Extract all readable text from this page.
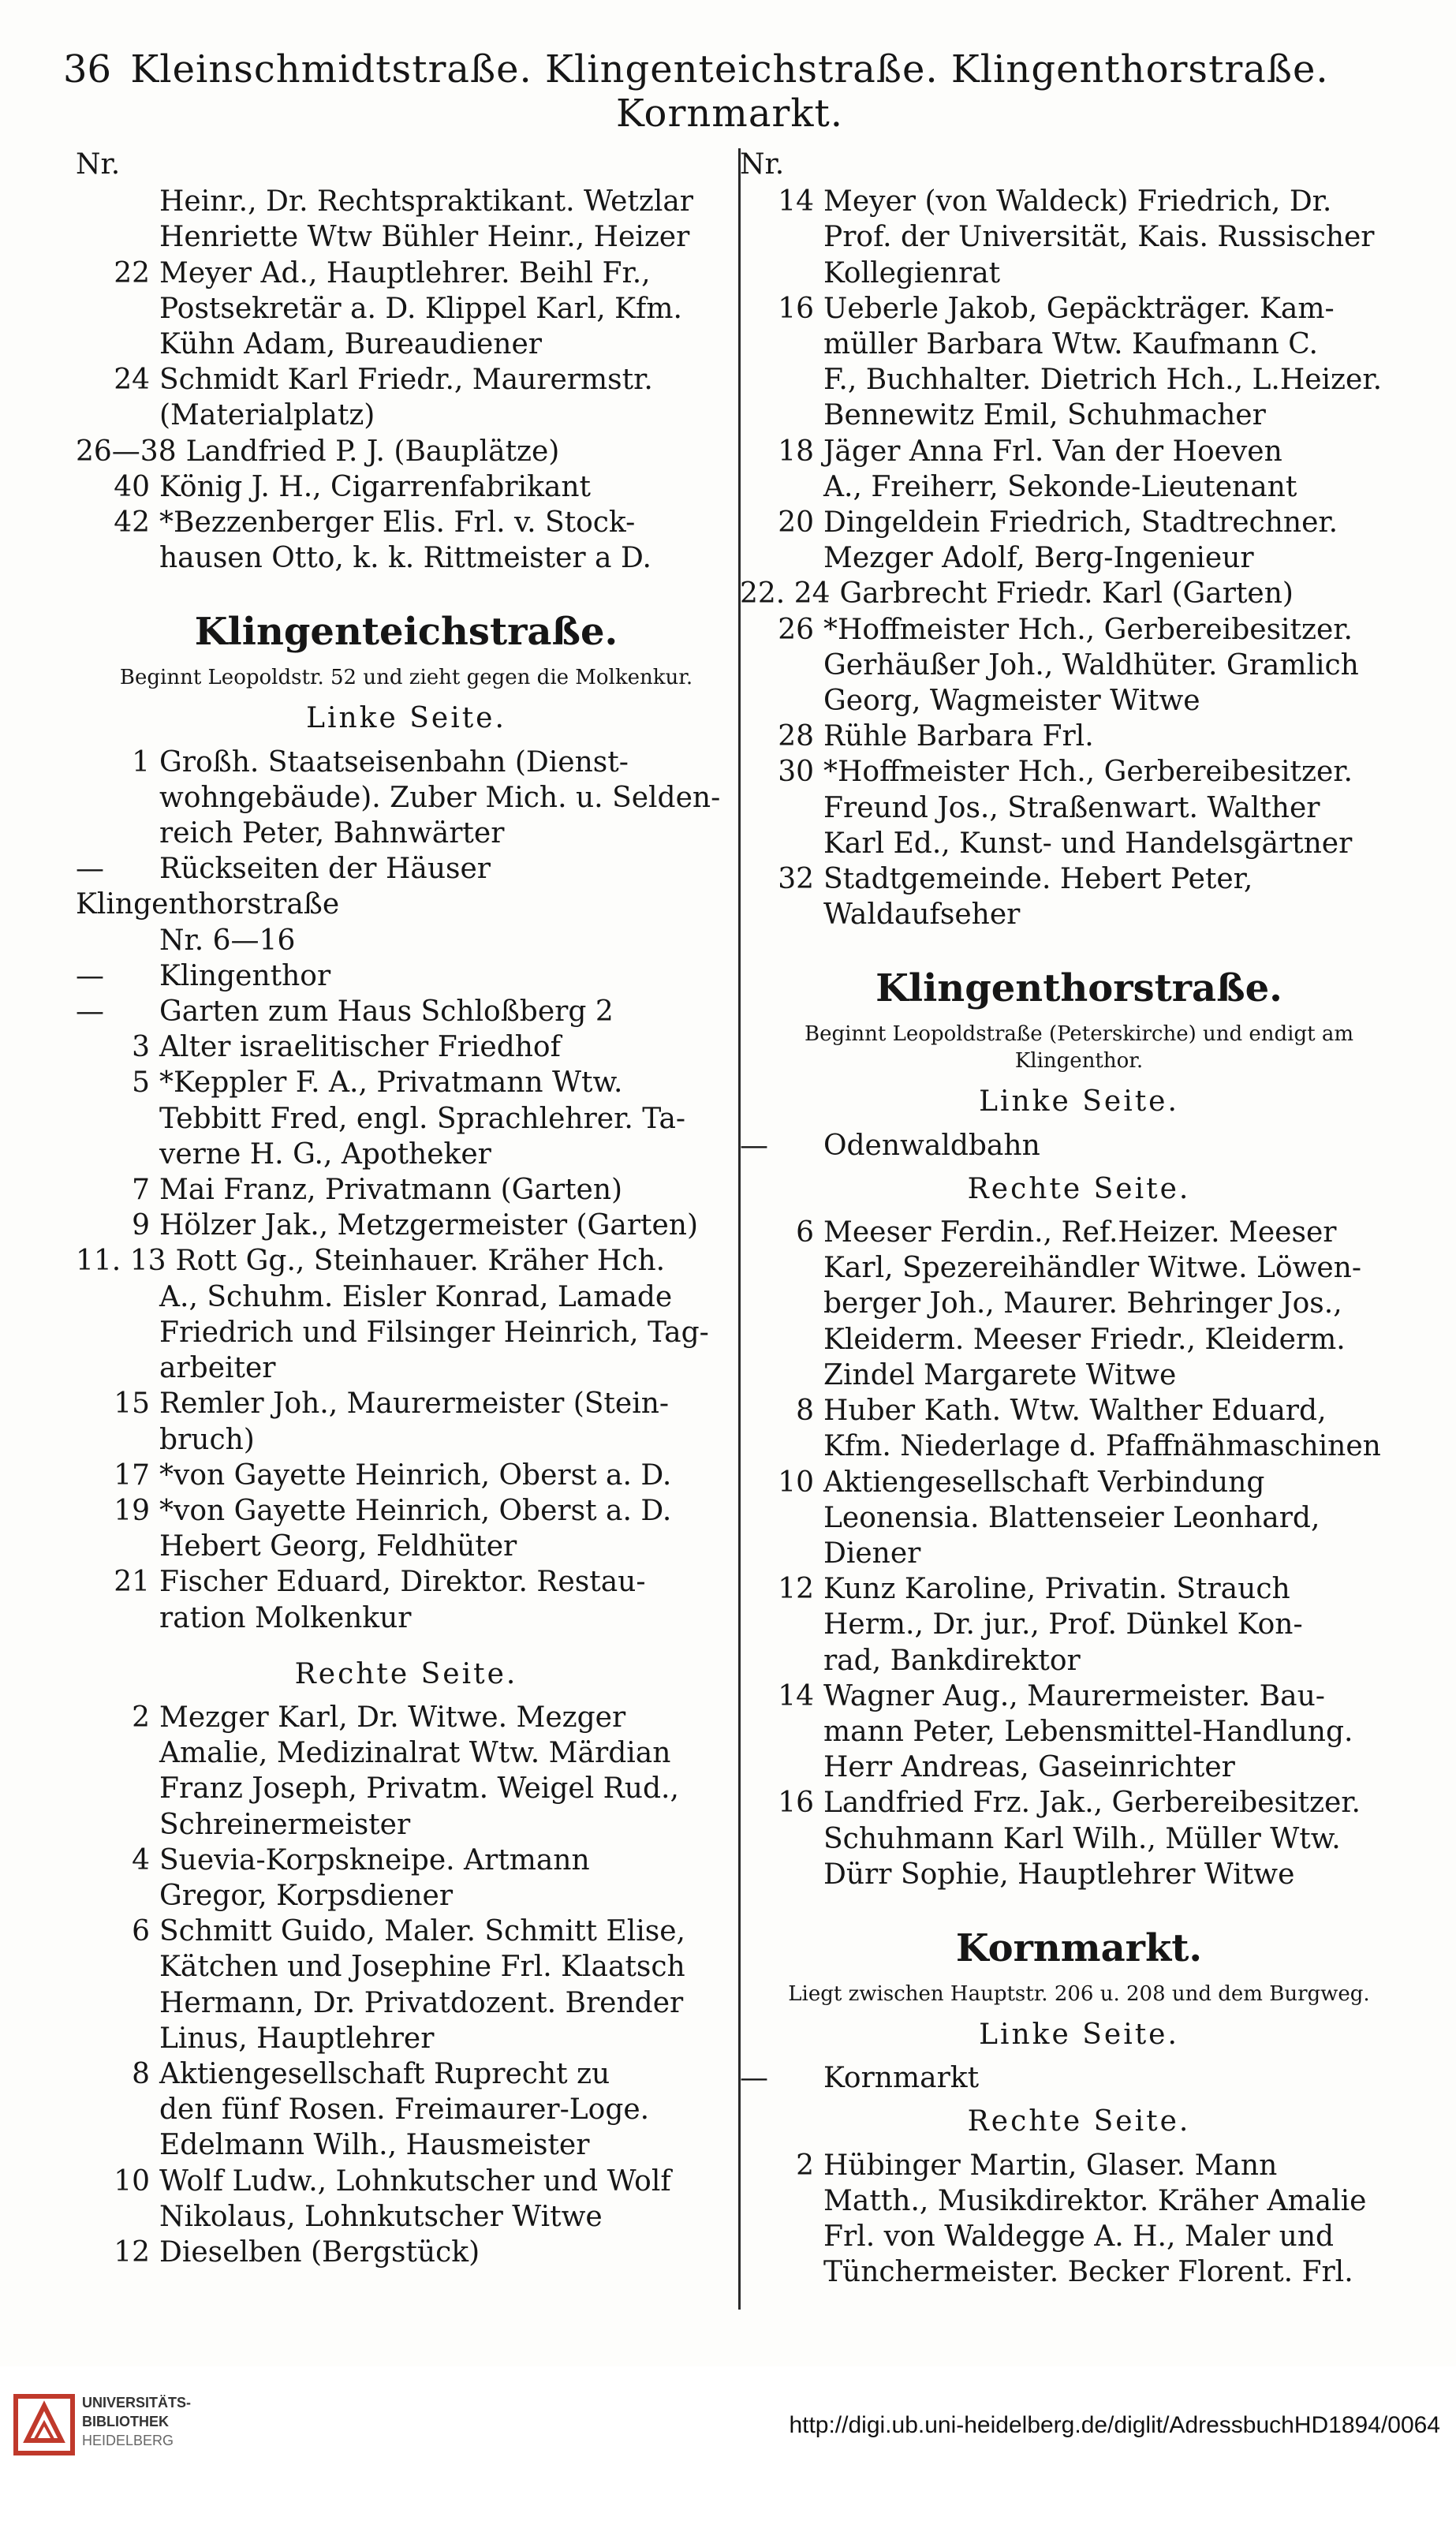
36 Kleinschmidtstraße. Klingenteichstraße. Klingenthorstraße. Kornmarkt.
Nr.
Heinr., Dr. Rechtspraktikant. Wetzlar
Henriette Wtw Bühler Heinr., Heizer
22 Meyer Ad., Hauptlehrer. Beihl Fr.,
Postsekretär a. D. Klippel Karl, Kfm.
Kühn Adam, Bureaudiener
24 Schmidt Karl Friedr., Maurermstr.
(Materialplatz)
26—38 Landfried P. J. (Bauplätze)
40 König J. H., Cigarrenfabrikant
42 *Bezzenberger Elis. Frl. v. Stock-
hausen Otto, k. k. Rittmeister a D.
Klingenteichstraße.
Beginnt Leopoldstr. 52 und zieht gegen die Molkenkur.
Linke Seite.
1 Großh. Staatseisenbahn (Dienst-
wohngebäude). Zuber Mich. u. Selden-
reich Peter, Bahnwärter
— Rückseiten der Häuser Klingenthorstraße
Nr. 6—16
— Klingenthor
— Garten zum Haus Schloßberg 2
3 Alter israelitischer Friedhof
5 *Keppler F. A., Privatmann Wtw.
Tebbitt Fred, engl. Sprachlehrer. Ta-
verne H. G., Apotheker
7 Mai Franz, Privatmann (Garten)
9 Hölzer Jak., Metzgermeister (Garten)
11. 13 Rott Gg., Steinhauer. Kräher Hch.
A., Schuhm. Eisler Konrad, Lamade
Friedrich und Filsinger Heinrich, Tag-
arbeiter
15 Remler Joh., Maurermeister (Stein-
bruch)
17 *von Gayette Heinrich, Oberst a. D.
19 *von Gayette Heinrich, Oberst a. D.
Hebert Georg, Feldhüter
21 Fischer Eduard, Direktor. Restau-
ration Molkenkur
Rechte Seite.
2 Mezger Karl, Dr. Witwe. Mezger
Amalie, Medizinalrat Wtw. Märdian
Franz Joseph, Privatm. Weigel Rud.,
Schreinermeister
4 Suevia-Korpskneipe. Artmann
Gregor, Korpsdiener
6 Schmitt Guido, Maler. Schmitt Elise,
Kätchen und Josephine Frl. Klaatsch
Hermann, Dr. Privatdozent. Brender
Linus, Hauptlehrer
8 Aktiengesellschaft Ruprecht zu
den fünf Rosen. Freimaurer-Loge.
Edelmann Wilh., Hausmeister
10 Wolf Ludw., Lohnkutscher und Wolf
Nikolaus, Lohnkutscher Witwe
12 Dieselben (Bergstück)
Nr.
14 Meyer (von Waldeck) Friedrich, Dr.
Prof. der Universität, Kais. Russischer
Kollegienrat
16 Ueberle Jakob, Gepäckträger. Kam-
müller Barbara Wtw. Kaufmann C.
F., Buchhalter. Dietrich Hch., L.Heizer.
Bennewitz Emil, Schuhmacher
18 Jäger Anna Frl. Van der Hoeven
A., Freiherr, Sekonde-Lieutenant
20 Dingeldein Friedrich, Stadtrechner.
Mezger Adolf, Berg-Ingenieur
22. 24 Garbrecht Friedr. Karl (Garten)
26 *Hoffmeister Hch., Gerbereibesitzer.
Gerhäußer Joh., Waldhüter. Gramlich
Georg, Wagmeister Witwe
28 Rühle Barbara Frl.
30 *Hoffmeister Hch., Gerbereibesitzer.
Freund Jos., Straßenwart. Walther
Karl Ed., Kunst- und Handelsgärtner
32 Stadtgemeinde. Hebert Peter,
Waldaufseher
Klingenthorstraße.
Beginnt Leopoldstraße (Peterskirche) und endigt am Klingenthor.
Linke Seite.
— Odenwaldbahn
Rechte Seite.
6 Meeser Ferdin., Ref.Heizer. Meeser
Karl, Spezereihändler Witwe. Löwen-
berger Joh., Maurer. Behringer Jos.,
Kleiderm. Meeser Friedr., Kleiderm.
Zindel Margarete Witwe
8 Huber Kath. Wtw. Walther Eduard,
Kfm. Niederlage d. Pfaffnähmaschinen
10 Aktiengesellschaft Verbindung
Leonensia. Blattenseier Leonhard,
Diener
12 Kunz Karoline, Privatin. Strauch
Herm., Dr. jur., Prof. Dünkel Kon-
rad, Bankdirektor
14 Wagner Aug., Maurermeister. Bau-
mann Peter, Lebensmittel-Handlung.
Herr Andreas, Gaseinrichter
16 Landfried Frz. Jak., Gerbereibesitzer.
Schuhmann Karl Wilh., Müller Wtw.
Dürr Sophie, Hauptlehrer Witwe
Kornmarkt.
Liegt zwischen Hauptstr. 206 u. 208 und dem Burgweg.
Linke Seite.
— Kornmarkt
Rechte Seite.
2 Hübinger Martin, Glaser. Mann
Matth., Musikdirektor. Kräher Amalie
Frl. von Waldegge A. H., Maler und
Tünchermeister. Becker Florent. Frl.
UNIVERSITÄTS-
BIBLIOTHEK
HEIDELBERG
http://digi.ub.uni-heidelberg.de/diglit/AdressbuchHD1894/0064
